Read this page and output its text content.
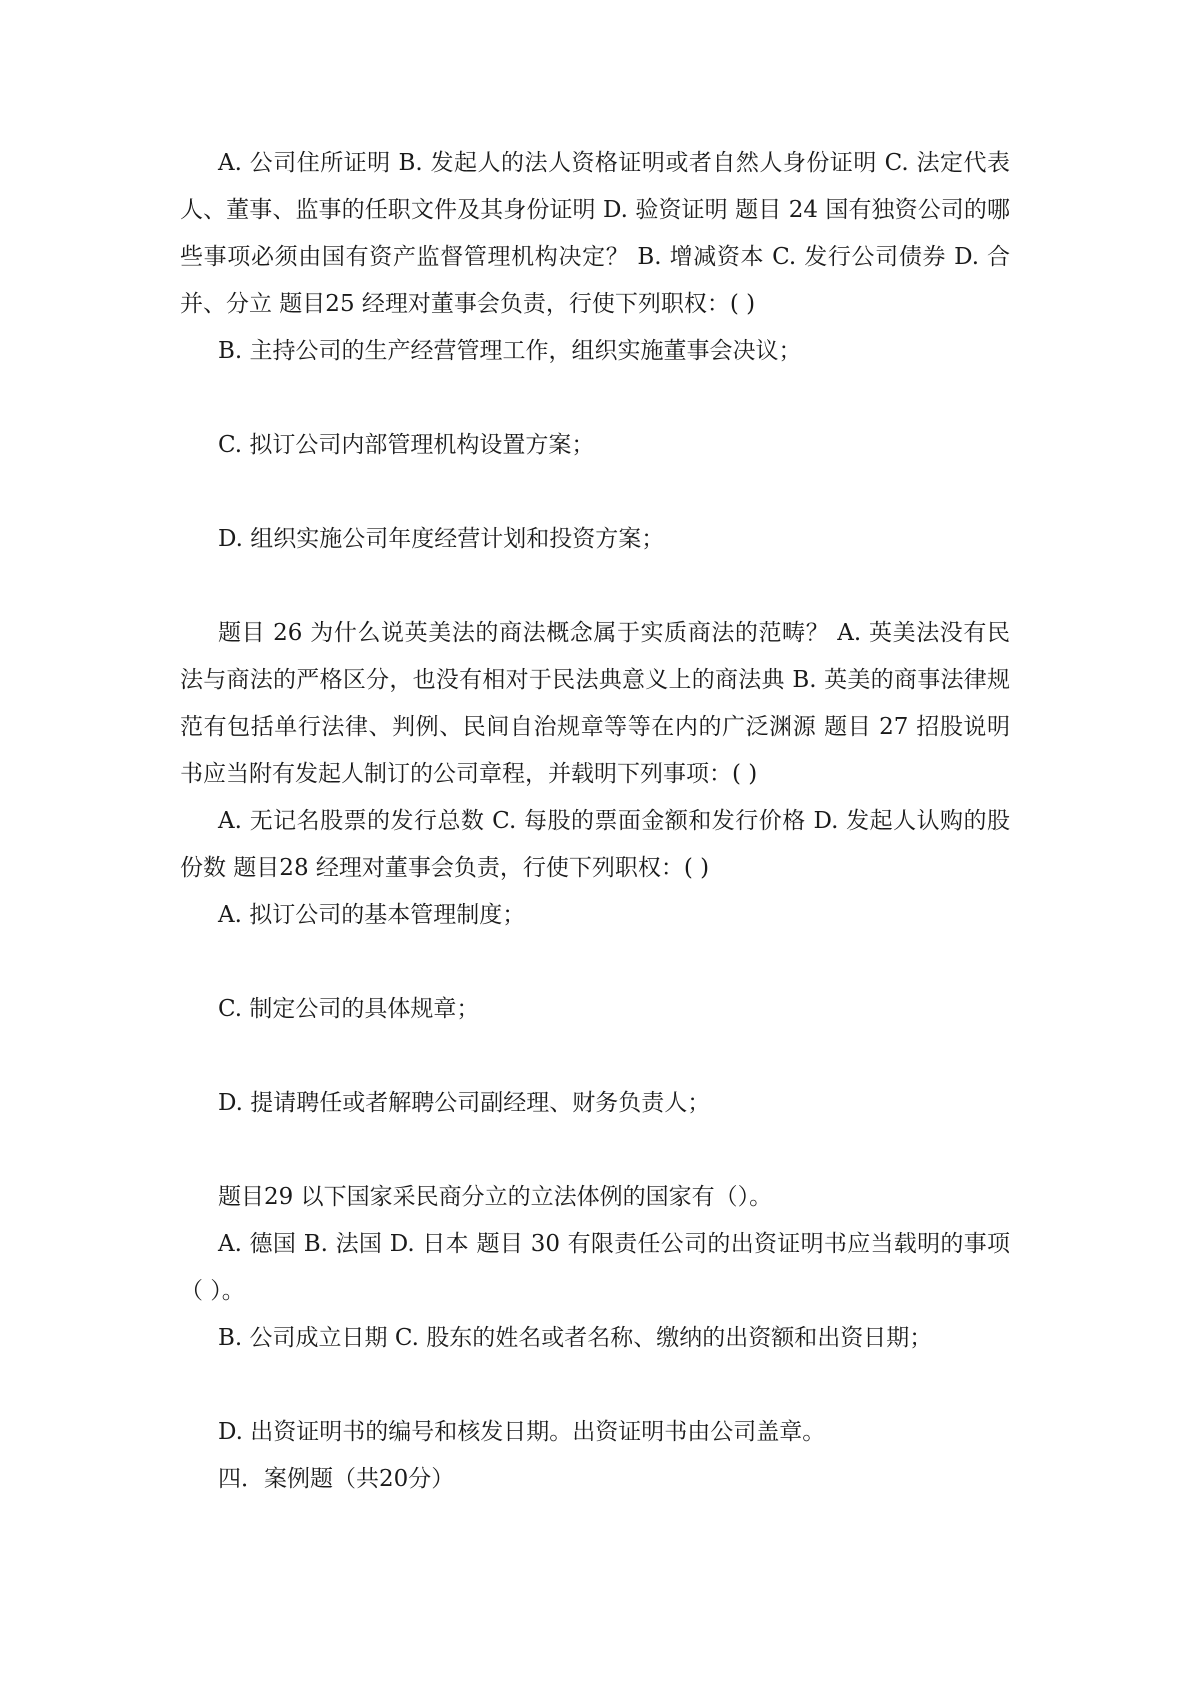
A. 公司住所证明 B. 发起人的法人资格证明或者自然人身份证明 C. 法定代表人、董事、监事的任职文件及其身份证明 D. 验资证明 题目 24 国有独资公司的哪些事项必须由国有资产监督管理机构决定？ B. 增减资本 C. 发行公司债券 D. 合并、分立 题目25 经理对董事会负责，行使下列职权：( )

B. 主持公司的生产经营管理工作，组织实施董事会决议；

C. 拟订公司内部管理机构设置方案；

D. 组织实施公司年度经营计划和投资方案；

题目 26 为什么说英美法的商法概念属于实质商法的范畴？ A. 英美法没有民法与商法的严格区分，也没有相对于民法典意义上的商法典 B. 英美的商事法律规范有包括单行法律、判例、民间自治规章等等在内的广泛渊源 题目 27 招股说明书应当附有发起人制订的公司章程，并载明下列事项：( )

A. 无记名股票的发行总数 C. 每股的票面金额和发行价格 D. 发起人认购的股份数 题目28 经理对董事会负责，行使下列职权：( )

A. 拟订公司的基本管理制度；

C. 制定公司的具体规章；

D. 提请聘任或者解聘公司副经理、财务负责人；

题目29 以下国家采民商分立的立法体例的国家有（）。

A. 德国 B. 法国 D. 日本 题目 30 有限责任公司的出资证明书应当载明的事项（ ）。

B. 公司成立日期 C. 股东的姓名或者名称、缴纳的出资额和出资日期；

D. 出资证明书的编号和核发日期。出资证明书由公司盖章。

四．案例题（共20分）
